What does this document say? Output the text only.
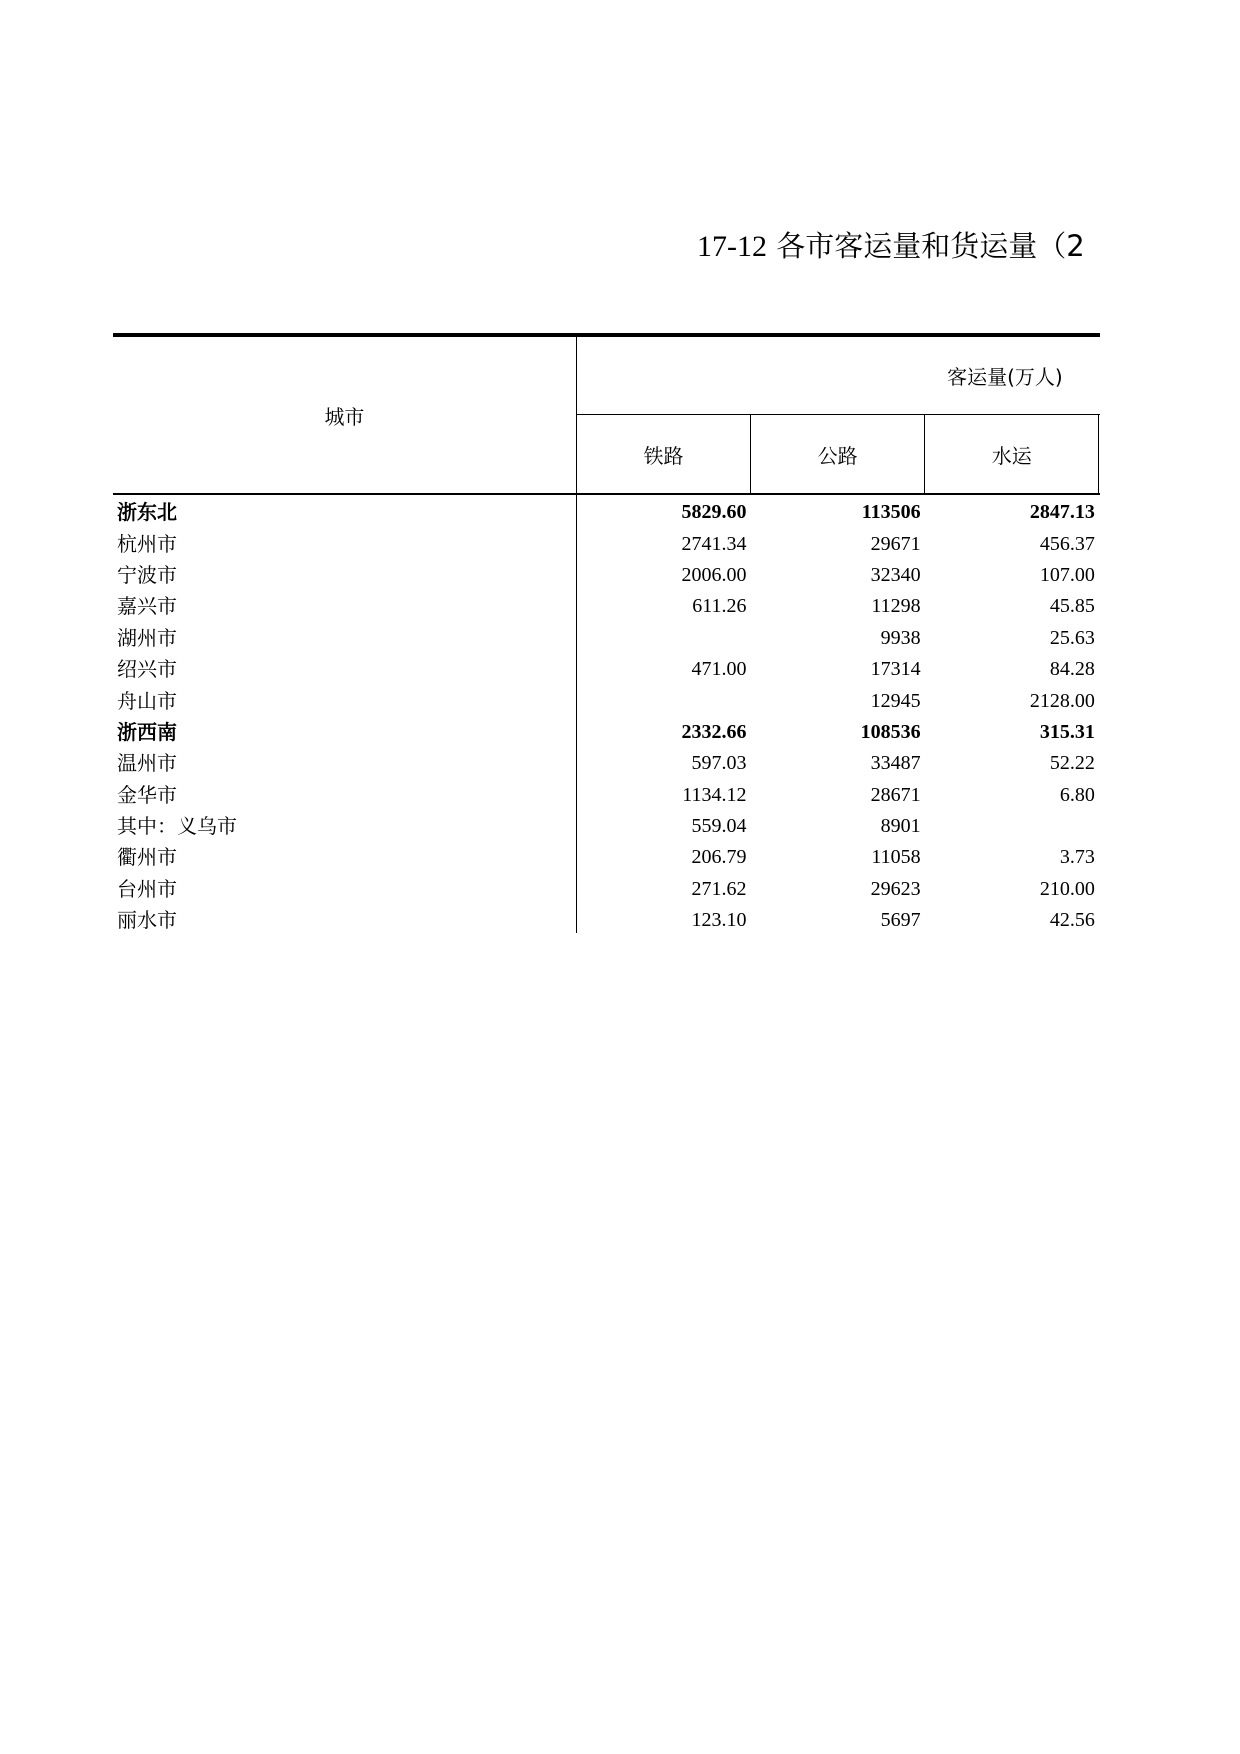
17-12 各市客运量和货运量（2
城市	客运量(万人)			
	铁路	公路	水运	
浙东北	5829.60	113506	2847.13	
杭州市	2741.34	29671	456.37	
宁波市	2006.00	32340	107.00	
嘉兴市	611.26	11298	45.85	
湖州市		9938	25.63	
绍兴市	471.00	17314	84.28	
舟山市		12945	2128.00	
浙西南	2332.66	108536	315.31	
温州市	597.03	33487	52.22	
金华市	1134.12	28671	6.80	
其中：义乌市	559.04	8901		
衢州市	206.79	11058	3.73	
台州市	271.62	29623	210.00	
丽水市	123.10	5697	42.56	
